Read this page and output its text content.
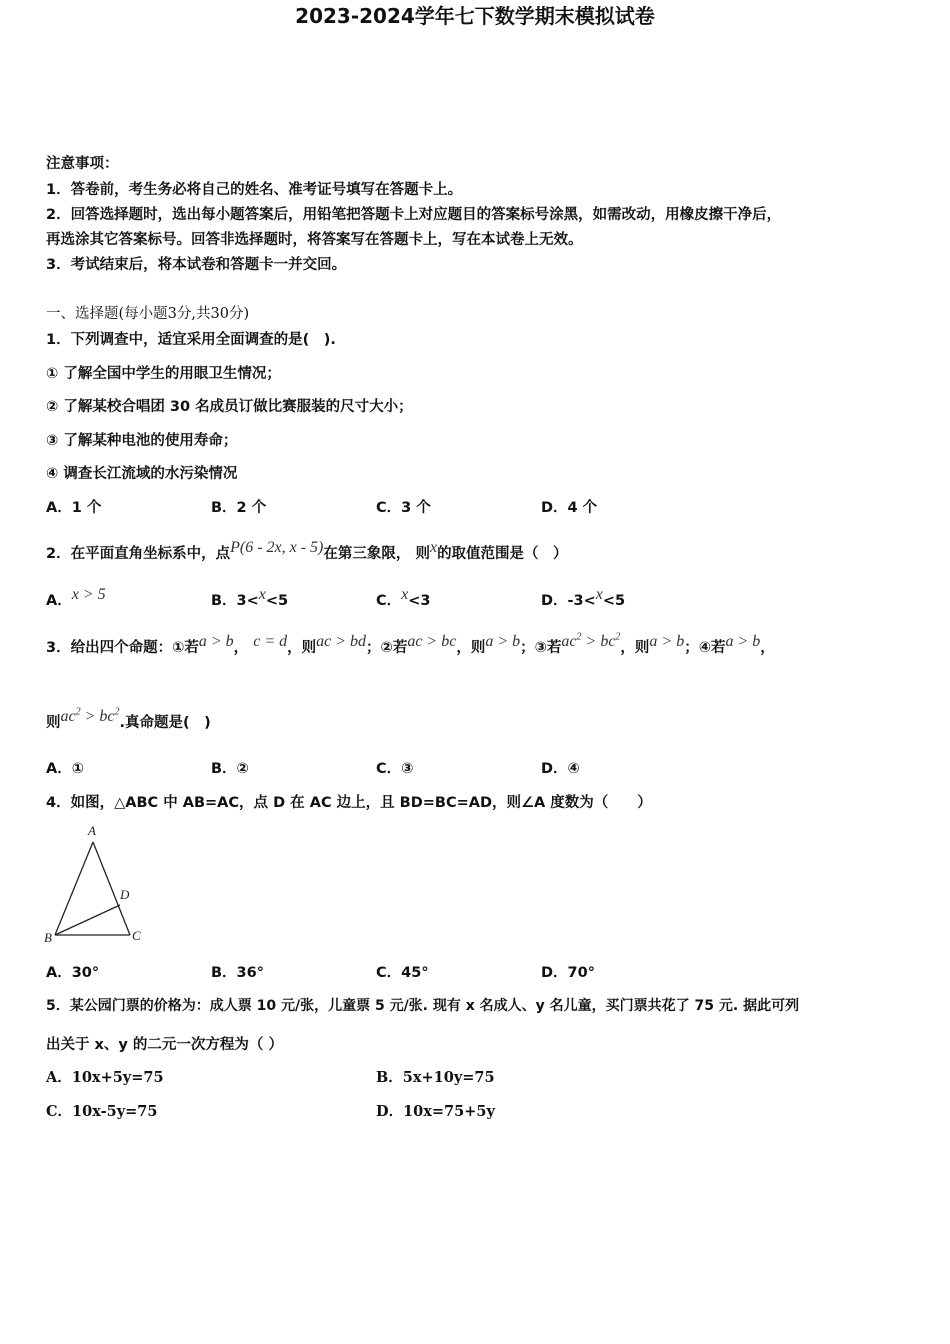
2023-2024学年七下数学期末模拟试卷
注意事项：
1．答卷前，考生务必将自己的姓名、准考证号填写在答题卡上。
2．回答选择题时，选出每小题答案后，用铅笔把答题卡上对应题目的答案标号涂黑，如需改动，用橡皮擦干净后，
再选涂其它答案标号。回答非选择题时，将答案写在答题卡上，写在本试卷上无效。
3．考试结束后，将本试卷和答题卡一并交回。
一、选择题(每小题3分,共30分)
1．下列调查中，适宜采用全面调查的是(　).
① 了解全国中学生的用眼卫生情况；
② 了解某校合唱团 30 名成员订做比赛服装的尺寸大小；
③ 了解某种电池的使用寿命；
④ 调查长江流域的水污染情况
A．1 个	B．2 个	C．3 个	D．4 个
2．在平面直角坐标系中，点P(6 - 2x, x - 5)在第三象限， 则x的取值范围是（　）
A．x > 5	B．3<x<5	C．x<3	D．-3<x<5
3．给出四个命题：①若a > b， c = d，则ac > bd；②若ac > bc，则a > b；③若$ac^2 > bc^2$，则a > b；④若a > b，
则$ac^2 > bc^2$.真命题是(　)
A．①	B．②	C．③	D．④
4．如图，△ABC 中 AB=AC，点 D 在 AC 边上，且 BD=BC=AD，则∠A 度数为（　　）
A
B	C
D
A．30°	B．36°	C．45°	D．70°
5．某公园门票的价格为：成人票 10 元/张，儿童票 5 元/张. 现有 x 名成人、y 名儿童，买门票共花了 75 元. 据此可列
出关于 x、y 的二元一次方程为（ ）
A．10x+5y=75	B．5x+10y=75
C．10x-5y=75	D．10x=75+5y
